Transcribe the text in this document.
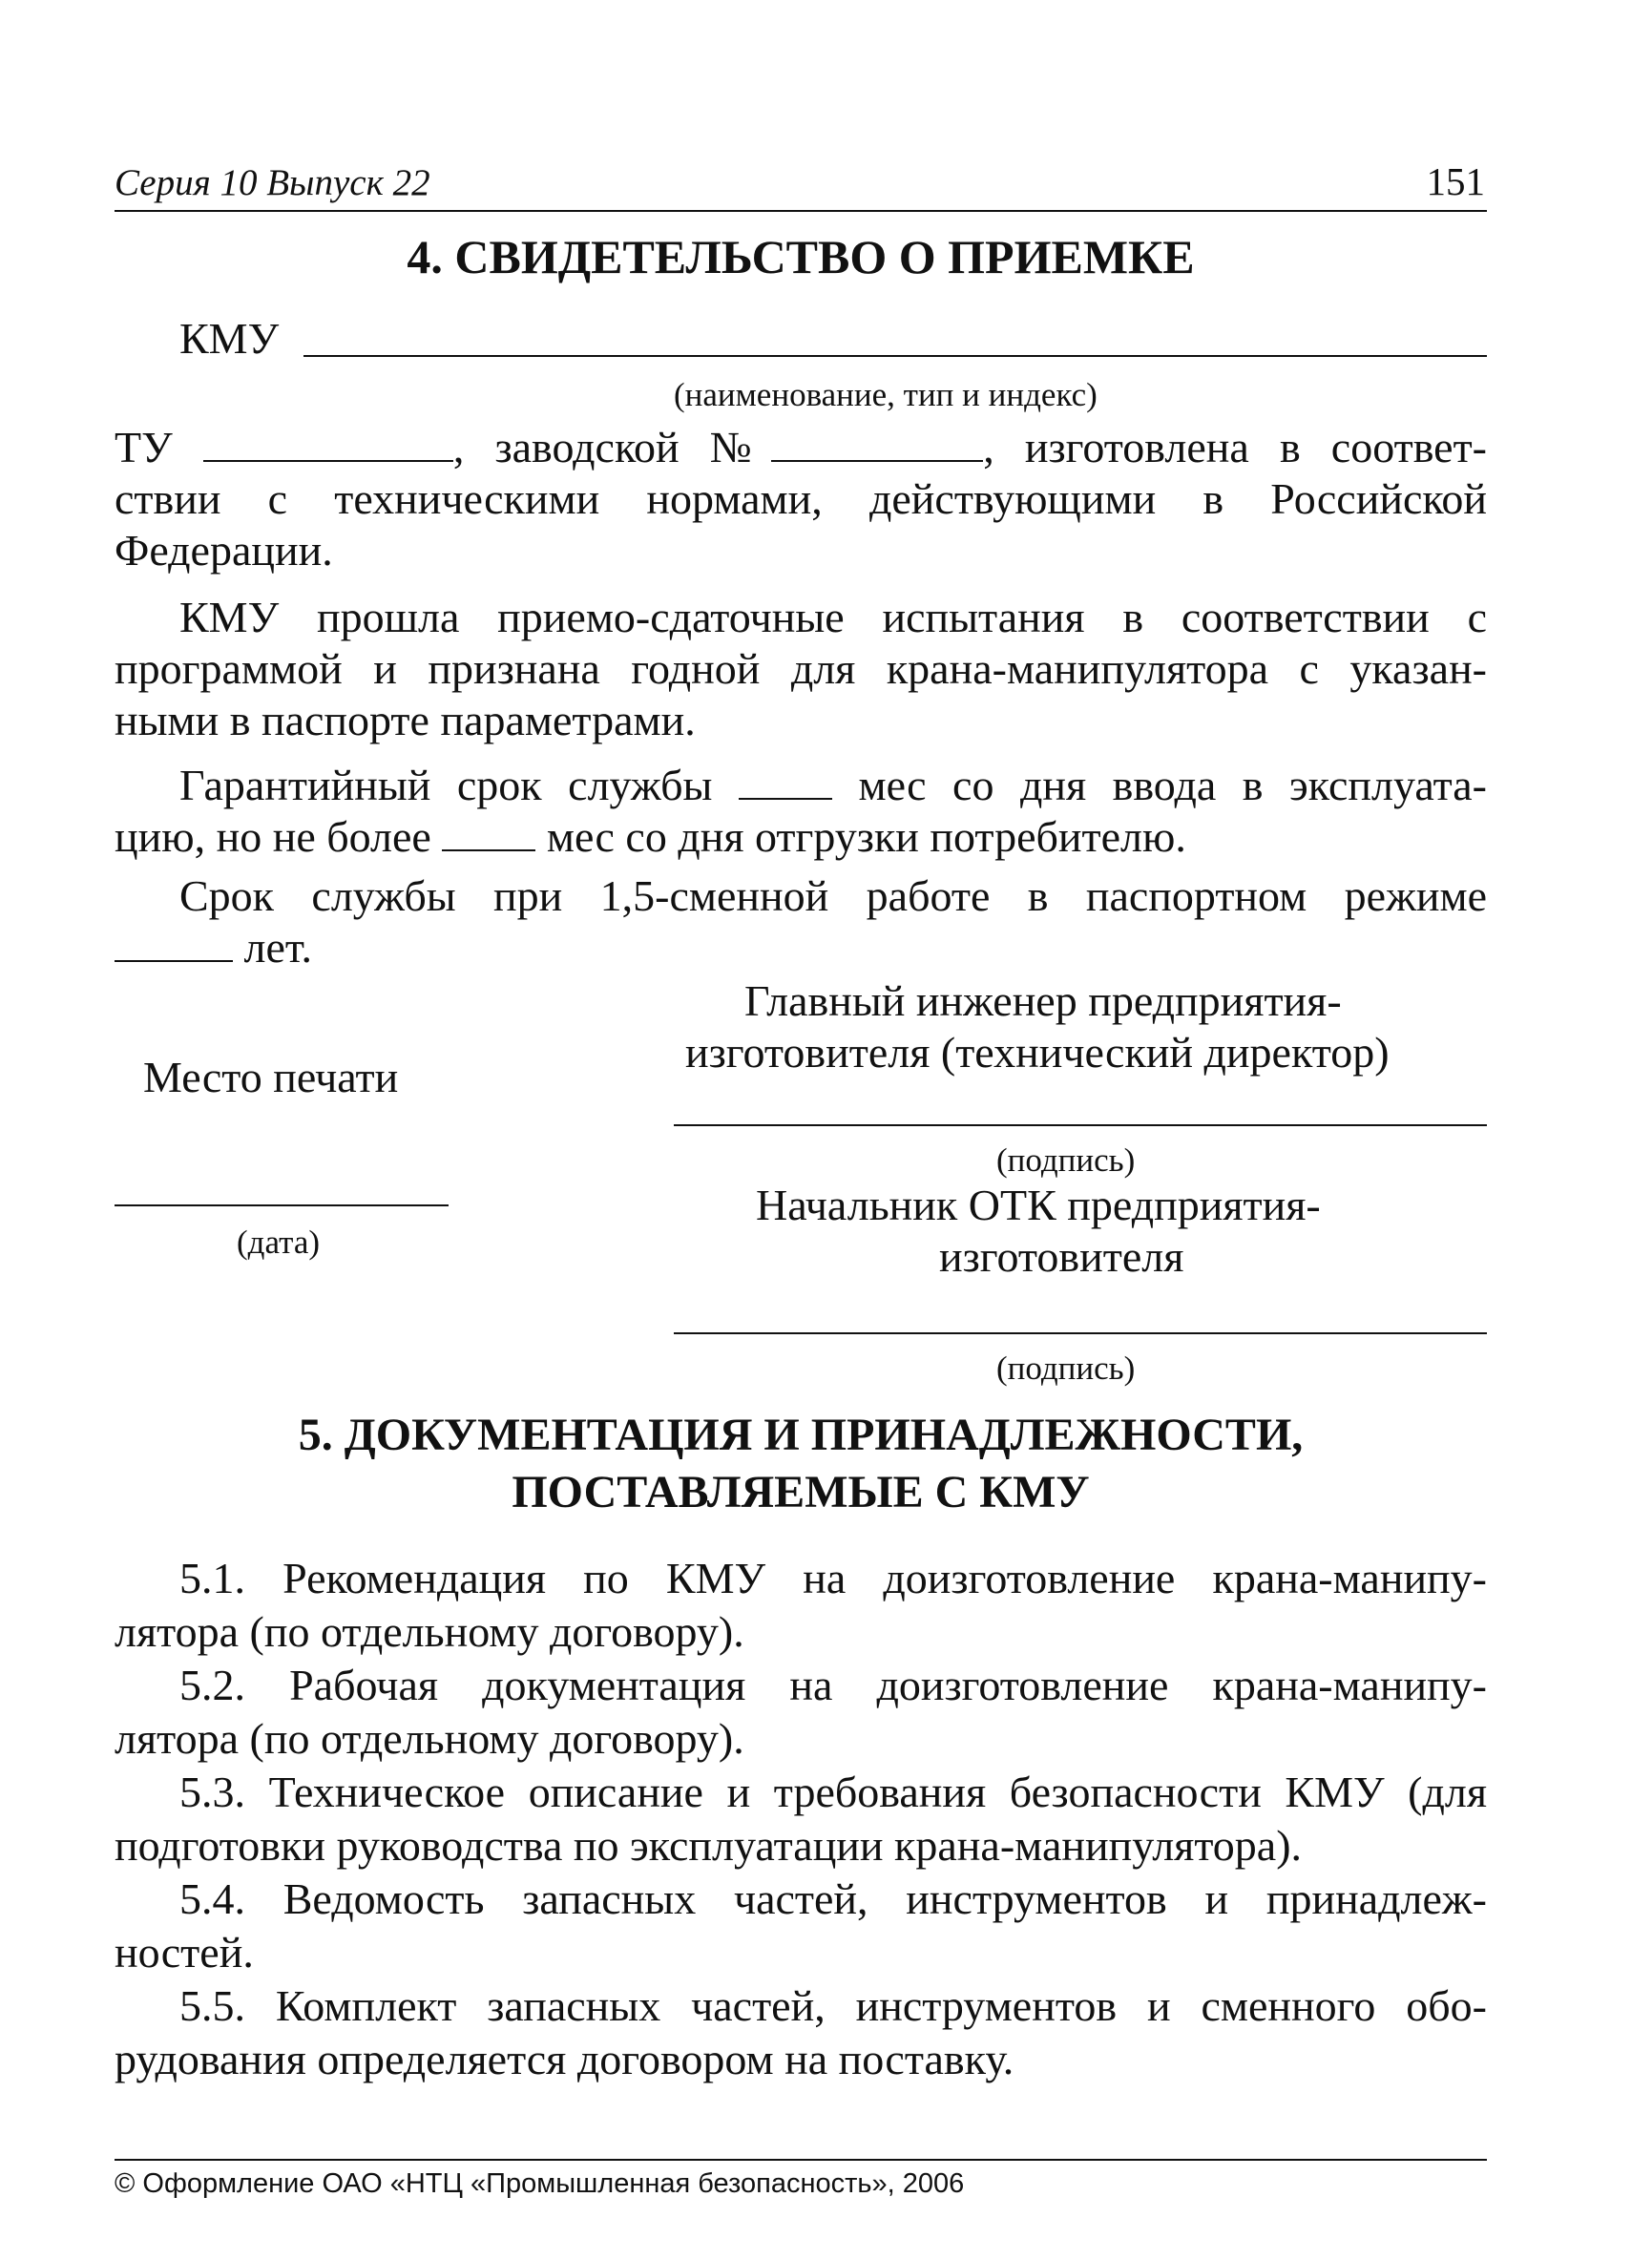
Серия 10 Выпуск 22	151
4. СВИДЕТЕЛЬСТВО О ПРИЕМКЕ
КМУ
(наименование, тип и индекс)
ТУ	, заводской №	, изготовлена в соответ-
ствии с техническими нормами, действующими в Российской
Федерации.
КМУ прошла приемо-сдаточные испытания в соответствии с
программой и признана годной для крана-манипулятора с указан-
ными в паспорте параметрами.
Гарантийный срок службы	мес со дня ввода в эксплуата-
цию, но не более	мес со дня отгрузки потребителю.
Срок службы при 1,5-сменной работе в паспортном режиме
лет.
Главный инженер предприятия-
изготовителя (технический директор)
Место печати
(подпись)
(дата)
Начальник ОТК предприятия-
изготовителя
(подпись)
5. ДОКУМЕНТАЦИЯ И ПРИНАДЛЕЖНОСТИ,
ПОСТАВЛЯЕМЫЕ С КМУ
5.1. Рекомендация по КМУ на доизготовление крана-манипу-
лятора (по отдельному договору).
5.2. Рабочая документация на доизготовление крана-манипу-
лятора (по отдельному договору).
5.3. Техническое описание и требования безопасности КМУ (для
подготовки руководства по эксплуатации крана-манипулятора).
5.4. Ведомость запасных частей, инструментов и принадлеж-
ностей.
5.5. Комплект запасных частей, инструментов и сменного обо-
рудования определяется договором на поставку.
© Оформление ОАО «НТЦ «Промышленная безопасность», 2006
